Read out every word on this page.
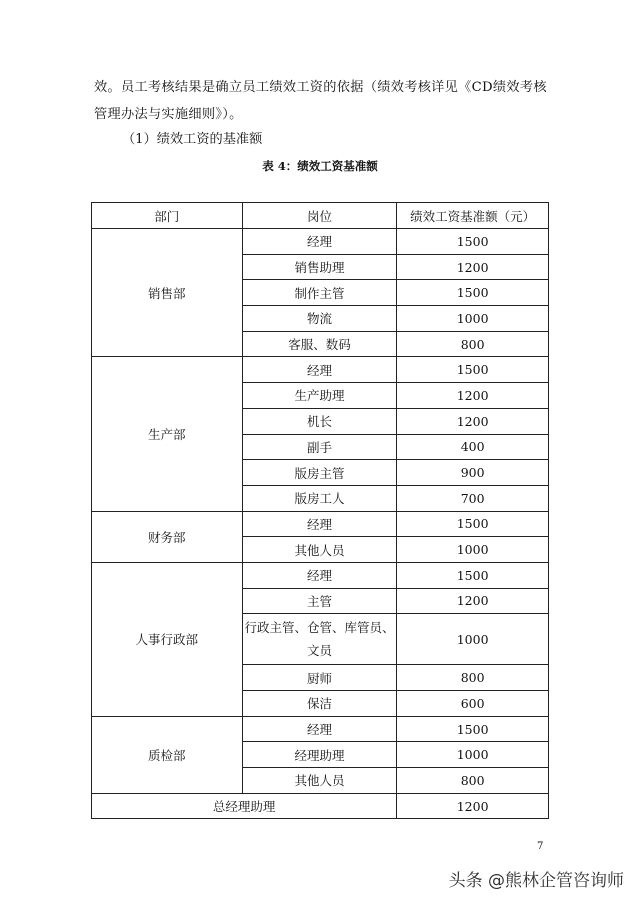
效。员工考核结果是确立员工绩效工资的依据（绩效考核详见《CD绩效考核管理办法与实施细则》）。
（1）绩效工资的基准额
表 4：绩效工资基准额
部门	岗位	绩效工资基准额（元）
销售部	经理	1500
	销售助理	1200
	制作主管	1500
	物流	1000
	客服、数码	800
生产部	经理	1500
	生产助理	1200
	机长	1200
	副手	400
	版房主管	900
	版房工人	700
财务部	经理	1500
	其他人员	1000
人事行政部	经理	1500
	主管	1200
	行政主管、仓管、库管员、文员	1000
	厨师	800
	保洁	600
质检部	经理	1500
	经理助理	1000
	其他人员	800
总经理助理		1200
7
头条 @熊林企管咨询师
